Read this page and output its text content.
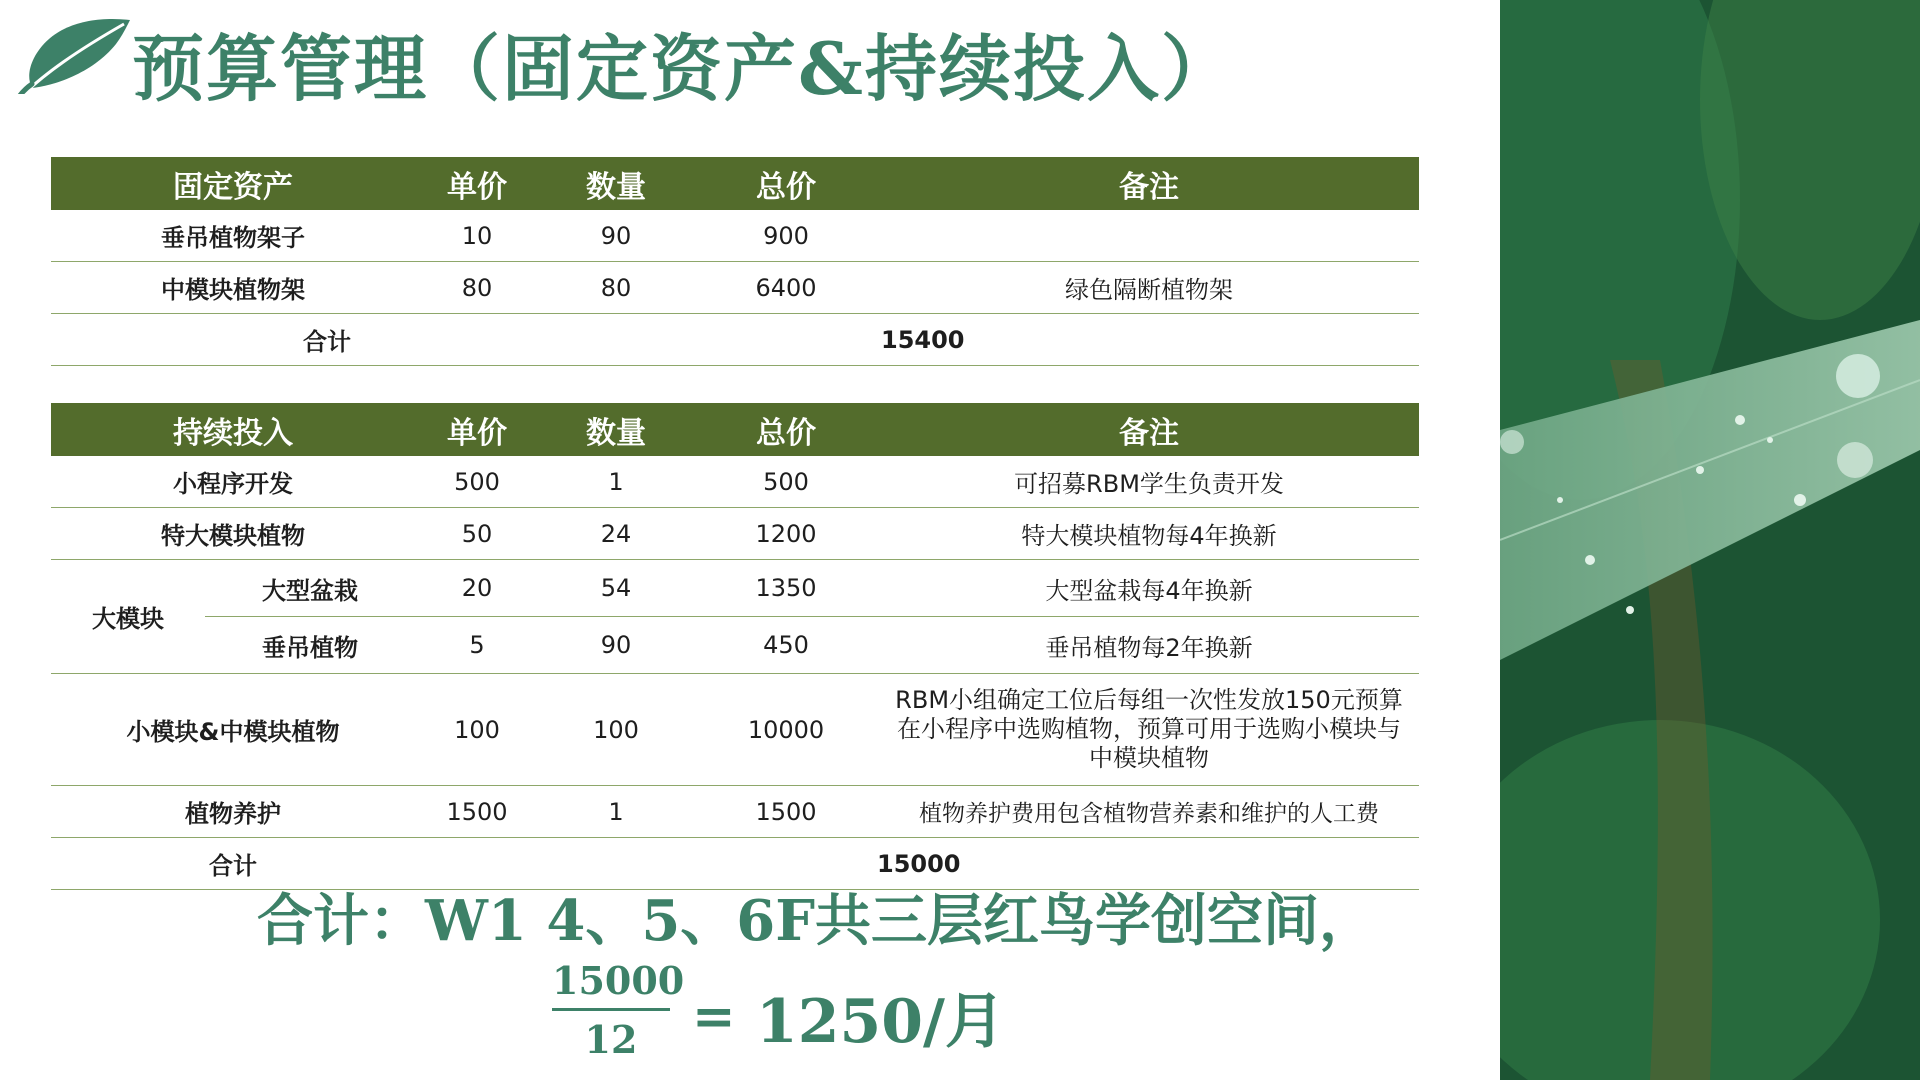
预算管理（固定资产&持续投入）
固定资产	单价	数量	总价	备注
垂吊植物架子	10	90	900	
中模块植物架	80	80	6400	绿色隔断植物架
合计	15400			
持续投入		单价	数量	总价	备注
小程序开发		500	1	500	可招募RBM学生负责开发
特大模块植物		50	24	1200	特大模块植物每4年换新
大模块	大型盆栽	20	54	1350	大型盆栽每4年换新
	垂吊植物	5	90	450	垂吊植物每2年换新
小模块&中模块植物		100	100	10000	RBM小组确定工位后每组一次性发放150元预算在小程序中选购植物，预算可用于选购小模块与中模块植物
植物养护		1500	1	1500	植物养护费用包含植物营养素和维护的人工费
合计		15000			

合计：W1 4、5、6F共三层红鸟学创空间，

15000
12	= 1250/月
